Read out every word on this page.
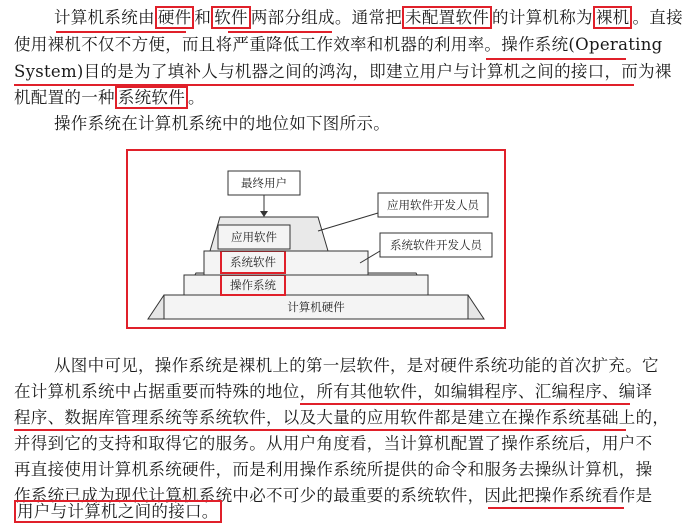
计算机系统由 硬件 和 软件 两部分组成。通常把 未配置软件 的计算机称为 裸机 。直接
使用裸机不仅不方便，而且将严重降低工作效率和机器的利用率。操作系统(Operating
System)目的是为了填补人与机器之间的鸿沟，即建立用户与计算机之间的接口，而为裸
机配置的一种 系统软件 。
操作系统在计算机系统中的地位如下图所示。
最终用户
计算机硬件
操作系统
系统软件
应用软件
应用软件开发人员
系统软件开发人员
从图中可见，操作系统是裸机上的第一层软件，是对硬件系统功能的首次扩充。它
在计算机系统中占据重要而特殊的地位，所有其他软件，如编辑程序、汇编程序、编译
程序、数据库管理系统等系统软件，以及大量的应用软件都是建立在操作系统基础上的，
并得到它的支持和取得它的服务。从用户角度看，当计算机配置了操作系统后，用户不
再直接使用计算机系统硬件，而是利用操作系统所提供的命令和服务去操纵计算机，操
作系统已成为现代计算机系统中必不可少的最重要的系统软件，因此把操作系统看作是
用户与计算机之间的接口。
